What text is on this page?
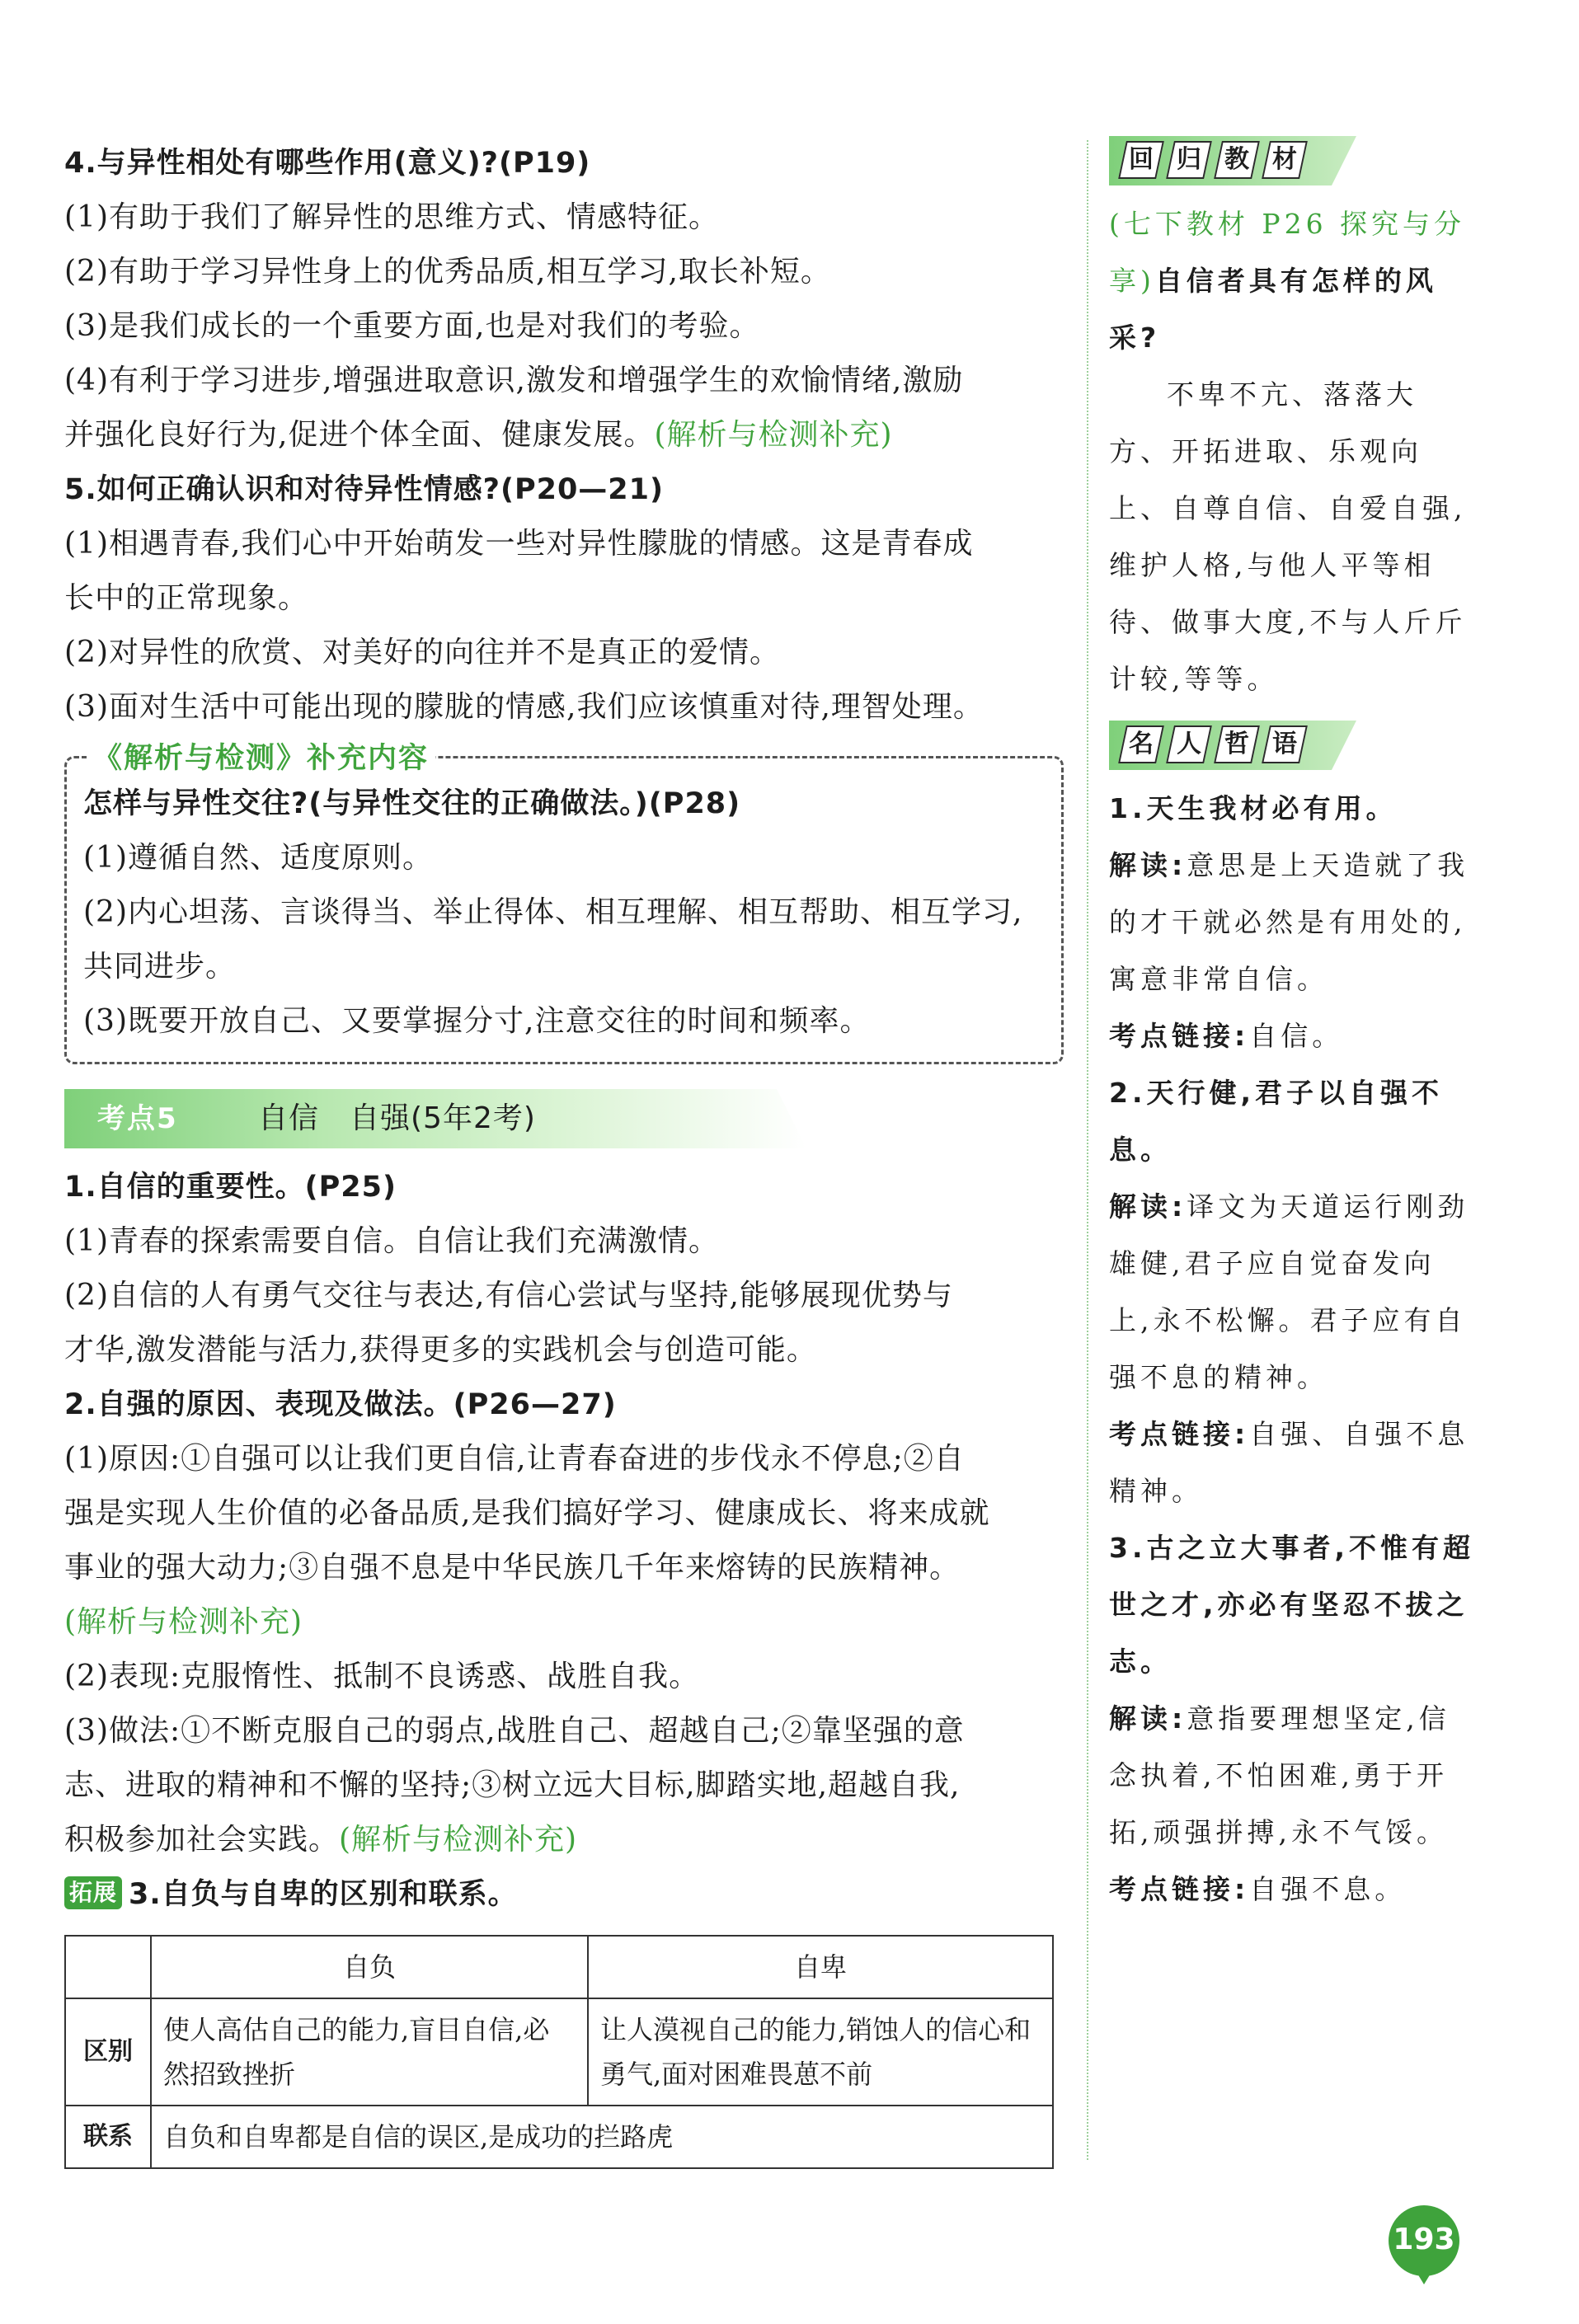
4.与异性相处有哪些作用(意义)?(P19)
(1)有助于我们了解异性的思维方式、情感特征。
(2)有助于学习异性身上的优秀品质,相互学习,取长补短。
(3)是我们成长的一个重要方面,也是对我们的考验。
(4)有利于学习进步,增强进取意识,激发和增强学生的欢愉情绪,激励
并强化良好行为,促进个体全面、健康发展。(解析与检测补充)
5.如何正确认识和对待异性情感?(P20—21)
(1)相遇青春,我们心中开始萌发一些对异性朦胧的情感。这是青春成
长中的正常现象。
(2)对异性的欣赏、对美好的向往并不是真正的爱情。
(3)面对生活中可能出现的朦胧的情感,我们应该慎重对待,理智处理。
《解析与检测》补充内容
怎样与异性交往?(与异性交往的正确做法。)(P28)
(1)遵循自然、适度原则。
(2)内心坦荡、言谈得当、举止得体、相互理解、相互帮助、相互学习,
共同进步。
(3)既要开放自己、又要掌握分寸,注意交往的时间和频率。
考点5	自信　自强(5年2考)
1.自信的重要性。(P25)
(1)青春的探索需要自信。自信让我们充满激情。
(2)自信的人有勇气交往与表达,有信心尝试与坚持,能够展现优势与
才华,激发潜能与活力,获得更多的实践机会与创造可能。
2.自强的原因、表现及做法。(P26—27)
(1)原因:①自强可以让我们更自信,让青春奋进的步伐永不停息;②自
强是实现人生价值的必备品质,是我们搞好学习、健康成长、将来成就
事业的强大动力;③自强不息是中华民族几千年来熔铸的民族精神。
(解析与检测补充)
(2)表现:克服惰性、抵制不良诱惑、战胜自我。
(3)做法:①不断克服自己的弱点,战胜自己、超越自己;②靠坚强的意
志、进取的精神和不懈的坚持;③树立远大目标,脚踏实地,超越自我,
积极参加社会实践。(解析与检测补充)
拓展 3.自负与自卑的区别和联系。
	自负	自卑
区别	使人高估自己的能力,盲目自信,必然招致挫折	让人漠视自己的能力,销蚀人的信心和勇气,面对困难畏葸不前
联系	自负和自卑都是自信的误区,是成功的拦路虎	
回 归 教 材
(七下教材 P26 探究与分享)自信者具有怎样的风采?
不卑不亢、落落大方、开拓进取、乐观向上、自尊自信、自爱自强,维护人格,与他人平等相待、做事大度,不与人斤斤计较,等等。
名 人 哲 语
1.天生我材必有用。
解读:意思是上天造就了我的才干就必然是有用处的,寓意非常自信。
考点链接:自信。
2.天行健,君子以自强不息。
解读:译文为天道运行刚劲雄健,君子应自觉奋发向上,永不松懈。君子应有自强不息的精神。
考点链接:自强、自强不息精神。
3.古之立大事者,不惟有超世之才,亦必有坚忍不拔之志。
解读:意指要理想坚定,信念执着,不怕困难,勇于开拓,顽强拼搏,永不气馁。
考点链接:自强不息。
193
